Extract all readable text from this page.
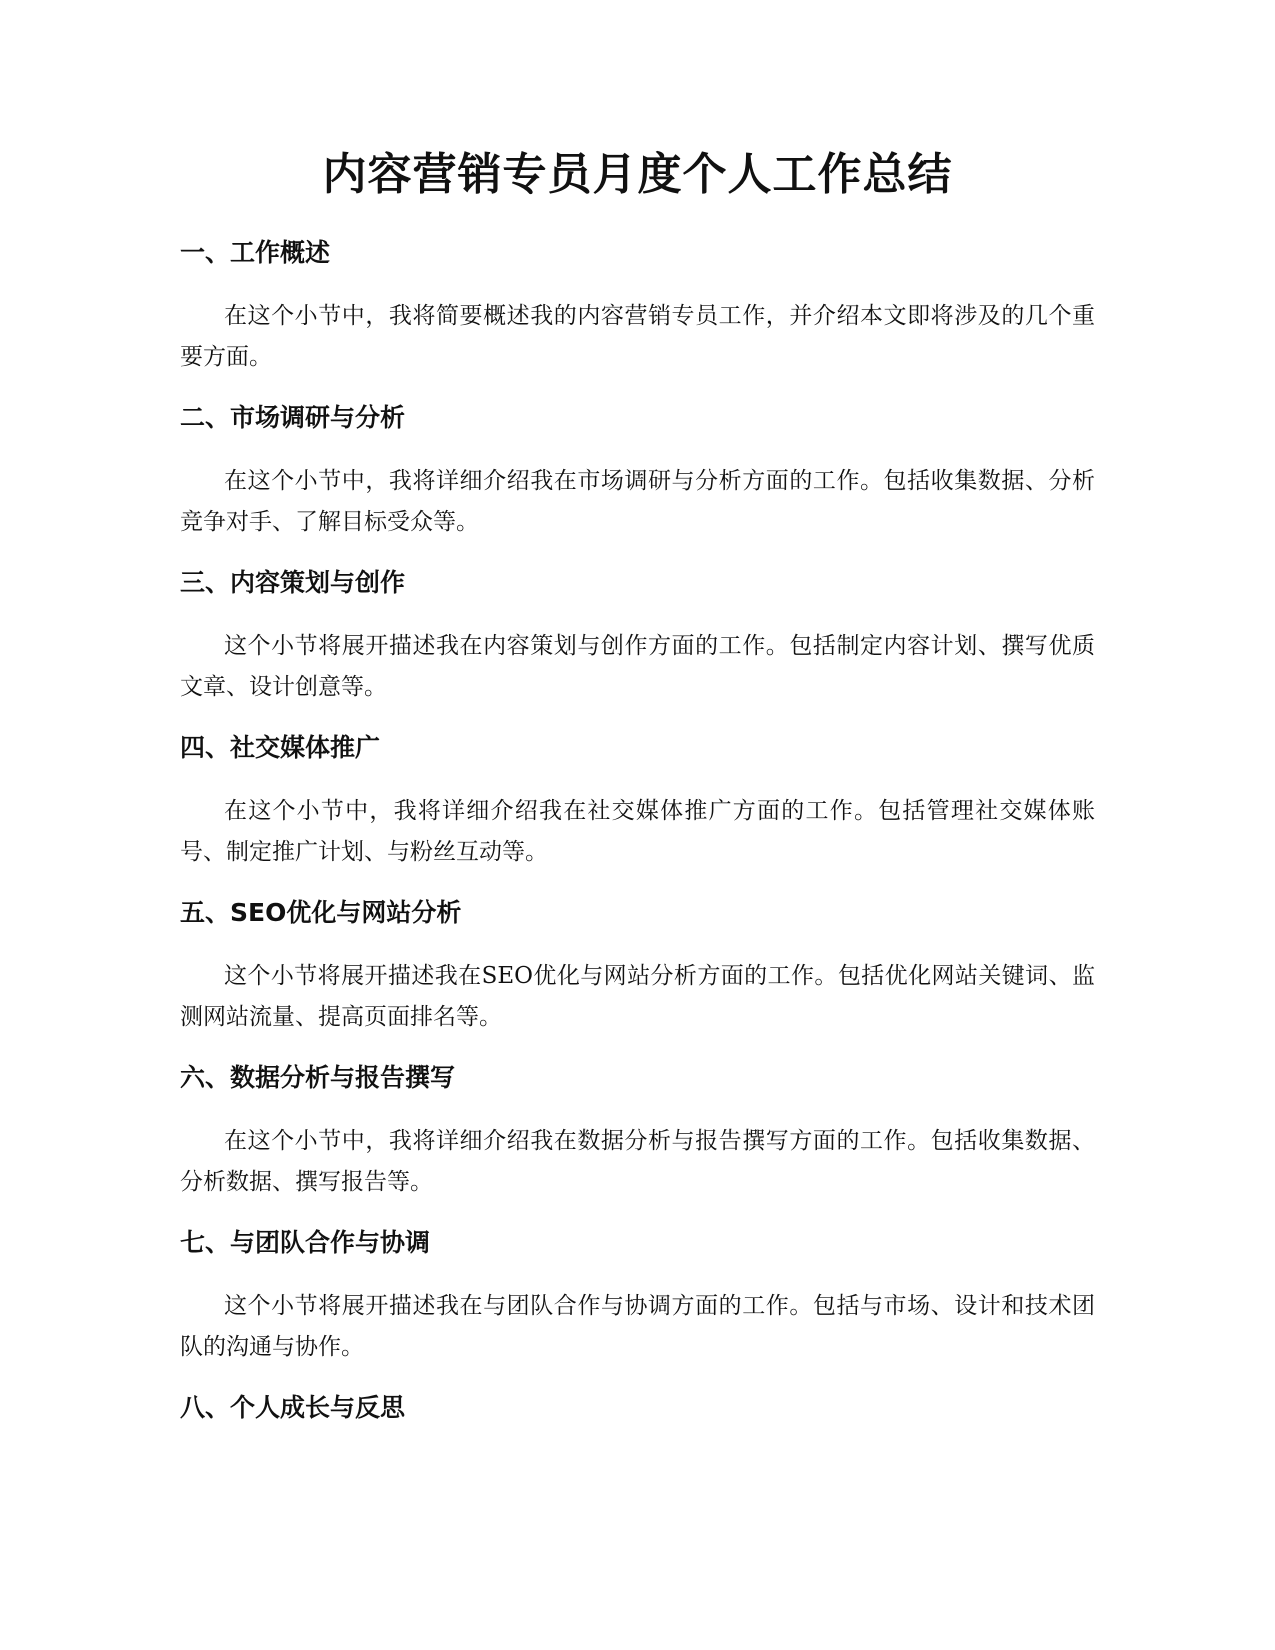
内容营销专员月度个人工作总结
一、工作概述

在这个小节中，我将简要概述我的内容营销专员工作，并介绍本文即将涉及的几个重要方面。

二、市场调研与分析

在这个小节中，我将详细介绍我在市场调研与分析方面的工作。包括收集数据、分析竞争对手、了解目标受众等。

三、内容策划与创作

这个小节将展开描述我在内容策划与创作方面的工作。包括制定内容计划、撰写优质文章、设计创意等。

四、社交媒体推广

在这个小节中，我将详细介绍我在社交媒体推广方面的工作。包括管理社交媒体账号、制定推广计划、与粉丝互动等。

五、SEO优化与网站分析

这个小节将展开描述我在SEO优化与网站分析方面的工作。包括优化网站关键词、监测网站流量、提高页面排名等。

六、数据分析与报告撰写

在这个小节中，我将详细介绍我在数据分析与报告撰写方面的工作。包括收集数据、分析数据、撰写报告等。

七、与团队合作与协调

这个小节将展开描述我在与团队合作与协调方面的工作。包括与市场、设计和技术团队的沟通与协作。

八、个人成长与反思
